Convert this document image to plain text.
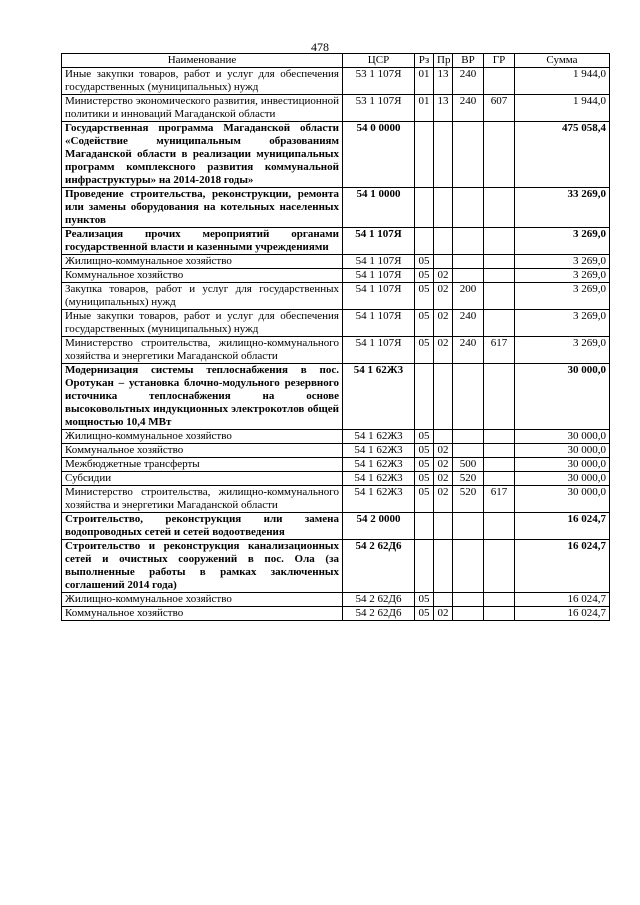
478
Наименование	ЦСР	Рз	Пр	ВР	ГР	Сумма
Иные закупки товаров, работ и услуг для обеспечения государственных (муниципальных) нужд	53 1 107Я	01	13	240		1 944,0
Министерство экономического развития, инвестиционной политики и инноваций Магаданской области	53 1 107Я	01	13	240	607	1 944,0
Государственная программа Магаданской области «Содействие муниципальным образованиям Магаданской области в реализации муниципальных программ комплексного развития коммунальной инфраструктуры» на 2014-2018 годы»	54 0 0000					475 058,4
Проведение строительства, реконструкции, ремонта или замены оборудования на котельных населенных пунктов	54 1 0000					33 269,0
Реализация прочих мероприятий органами государственной власти и казенными учреждениями	54 1 107Я					3 269,0
Жилищно-коммунальное хозяйство	54 1 107Я	05				3 269,0
Коммунальное хозяйство	54 1 107Я	05	02			3 269,0
Закупка товаров, работ и услуг для государственных (муниципальных) нужд	54 1 107Я	05	02	200		3 269,0
Иные закупки товаров, работ и услуг для обеспечения государственных (муниципальных) нужд	54 1 107Я	05	02	240		3 269,0
Министерство строительства, жилищно-коммунального хозяйства и энергетики Магаданской области	54 1 107Я	05	02	240	617	3 269,0
Модернизация системы теплоснабжения в пос. Оротукан – установка блочно-модульного резервного источника теплоснабжения на основе высоковольтных индукционных электрокотлов общей мощностью 10,4 МВт	54 1 62Ж3					30 000,0
Жилищно-коммунальное хозяйство	54 1 62Ж3	05				30 000,0
Коммунальное хозяйство	54 1 62Ж3	05	02			30 000,0
Межбюджетные трансферты	54 1 62Ж3	05	02	500		30 000,0
Субсидии	54 1 62Ж3	05	02	520		30 000,0
Министерство строительства, жилищно-коммунального хозяйства и энергетики Магаданской области	54 1 62Ж3	05	02	520	617	30 000,0
Строительство, реконструкция или замена водопроводных сетей и сетей водоотведения	54 2 0000					16 024,7
Строительство и реконструкция канализационных сетей и очистных сооружений в пос. Ола (за выполненные работы в рамках заключенных соглашений 2014 года)	54 2 62Д6					16 024,7
Жилищно-коммунальное хозяйство	54 2 62Д6	05				16 024,7
Коммунальное хозяйство	54 2 62Д6	05	02			16 024,7
